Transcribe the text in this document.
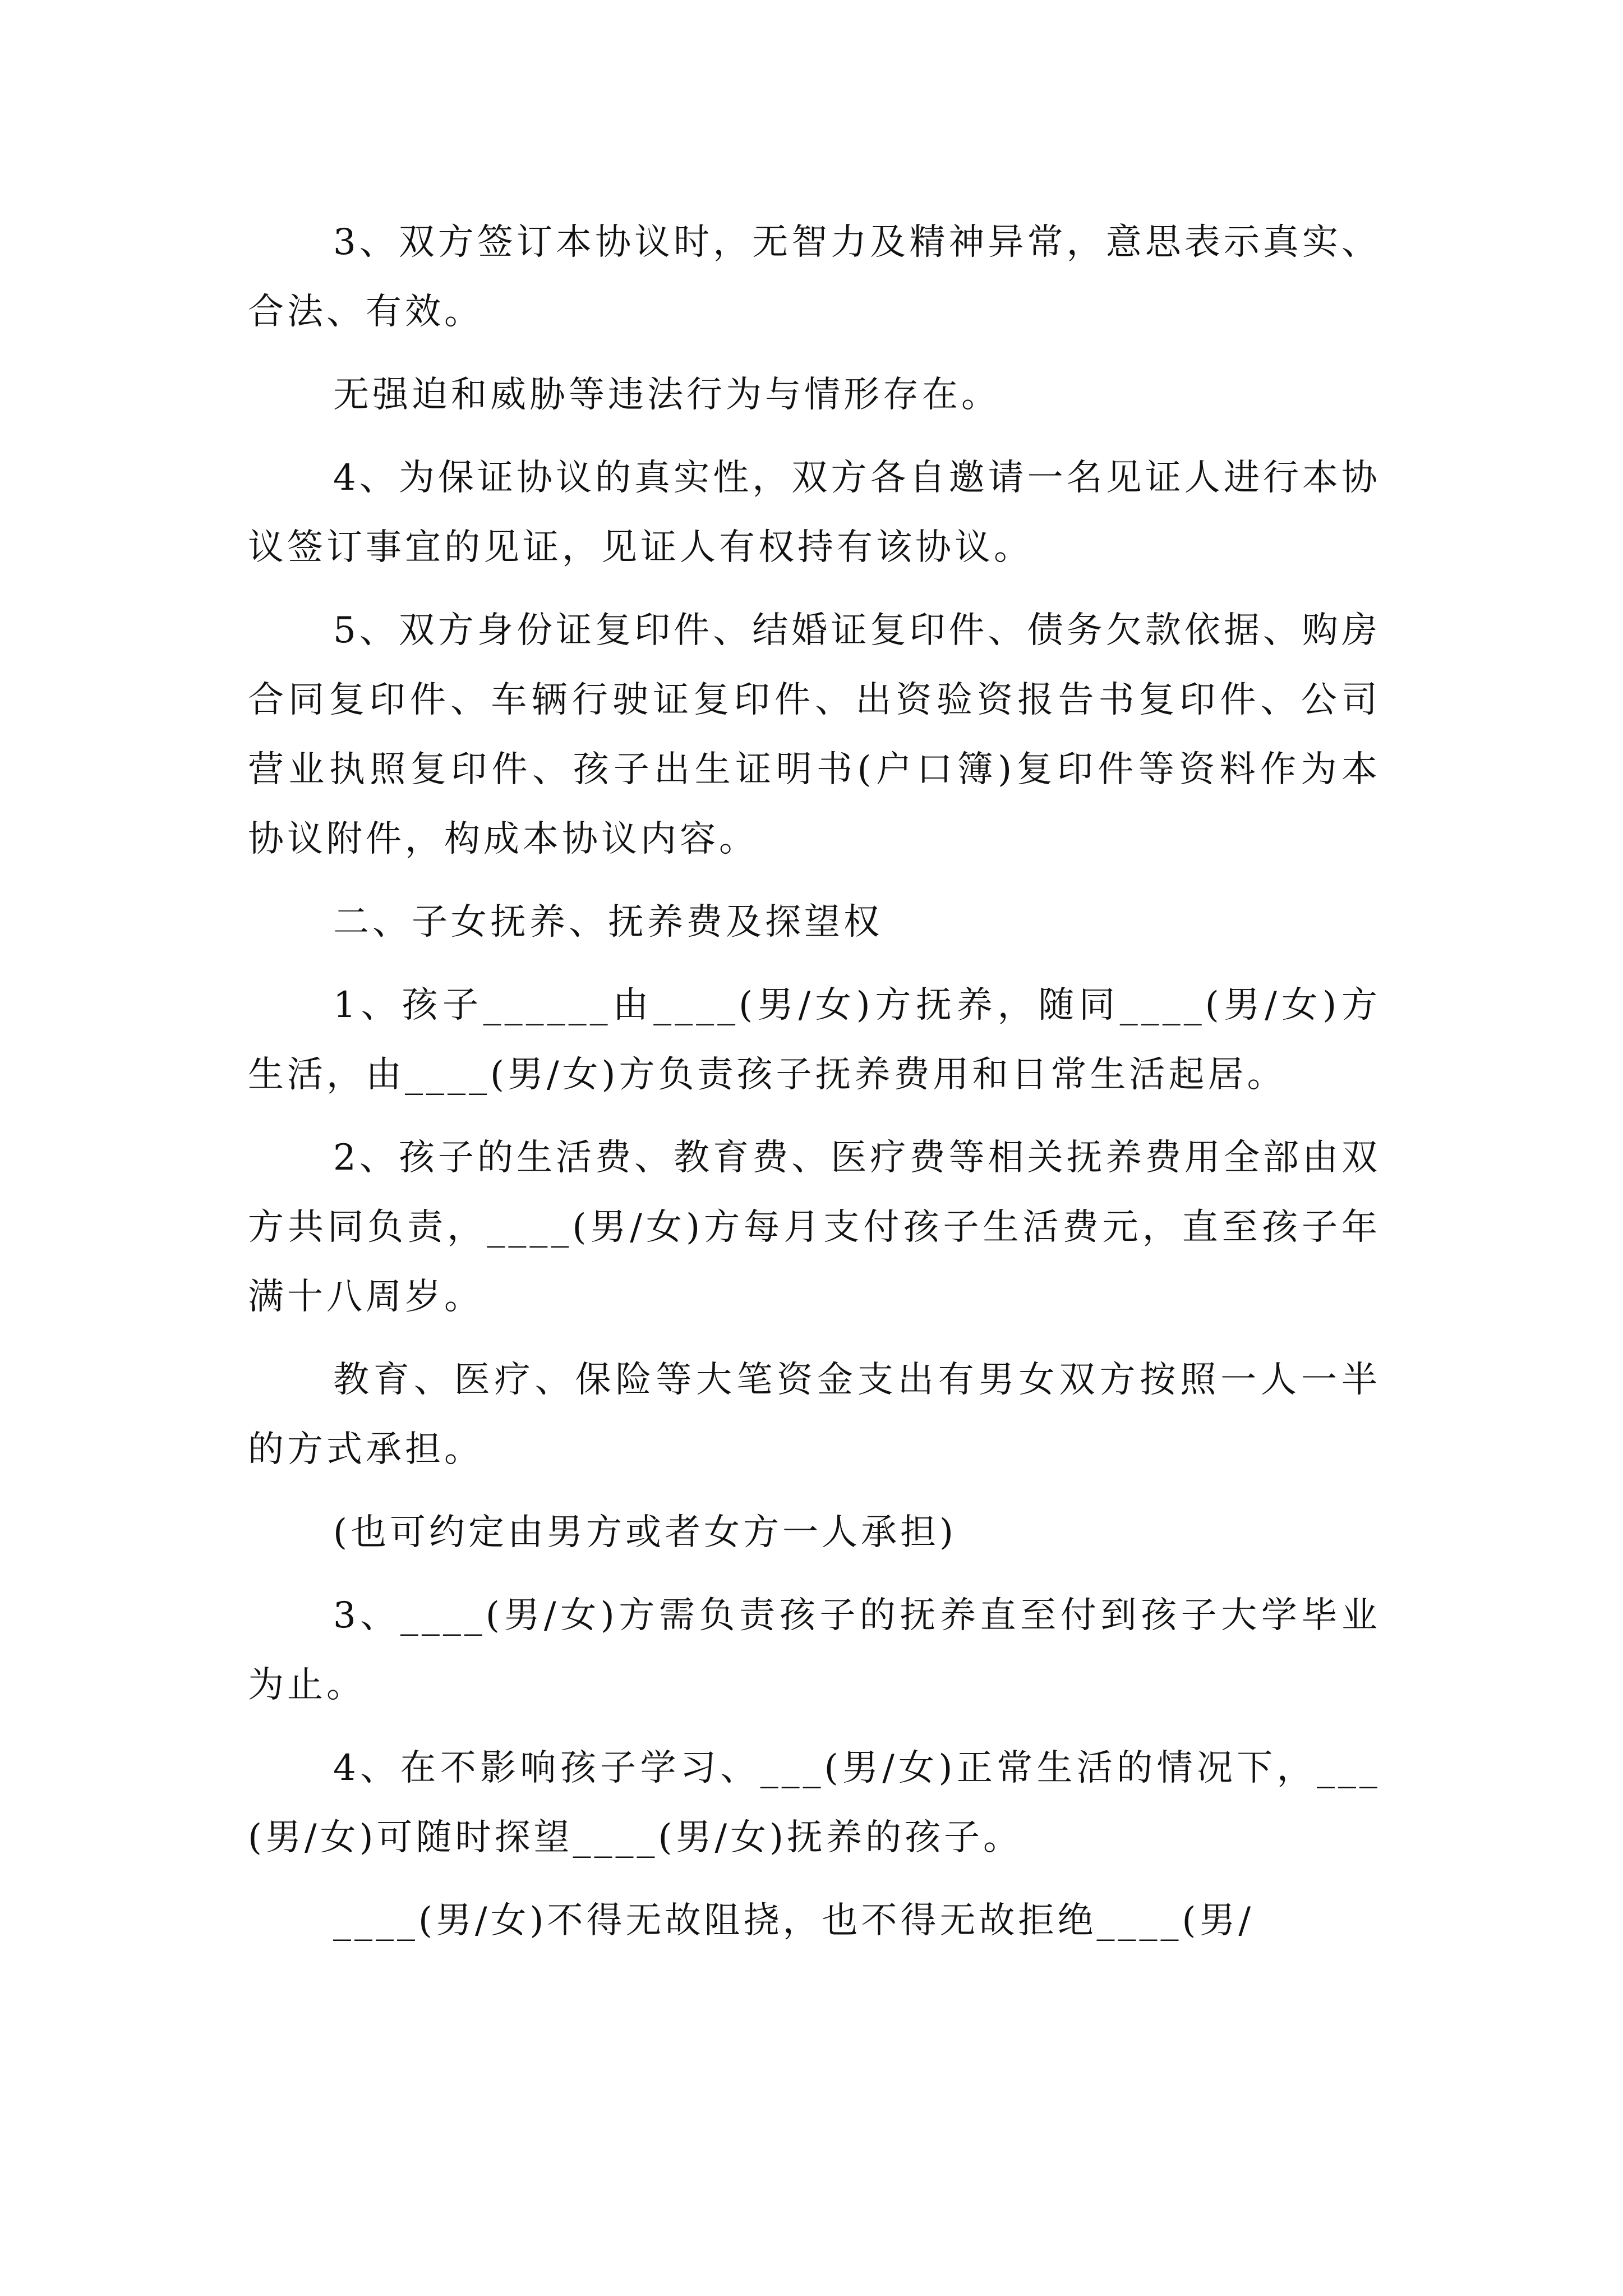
3、双方签订本协议时，无智力及精神异常，意思表示真实、合法、有效。

无强迫和威胁等违法行为与情形存在。

4、为保证协议的真实性，双方各自邀请一名见证人进行本协议签订事宜的见证，见证人有权持有该协议。

5、双方身份证复印件、结婚证复印件、债务欠款依据、购房合同复印件、车辆行驶证复印件、出资验资报告书复印件、公司营业执照复印件、孩子出生证明书(户口簿)复印件等资料作为本协议附件，构成本协议内容。

二、子女抚养、抚养费及探望权

1、孩子______由____(男/女)方抚养，随同____(男/女)方生活，由____(男/女)方负责孩子抚养费用和日常生活起居。

2、孩子的生活费、教育费、医疗费等相关抚养费用全部由双方共同负责，____(男/女)方每月支付孩子生活费元，直至孩子年满十八周岁。

教育、医疗、保险等大笔资金支出有男女双方按照一人一半的方式承担。

(也可约定由男方或者女方一人承担)

3、____(男/女)方需负责孩子的抚养直至付到孩子大学毕业为止。

4、在不影响孩子学习、___(男/女)正常生活的情况下，___(男/女)可随时探望____(男/女)抚养的孩子。

____(男/女)不得无故阻挠，也不得无故拒绝____(男/
